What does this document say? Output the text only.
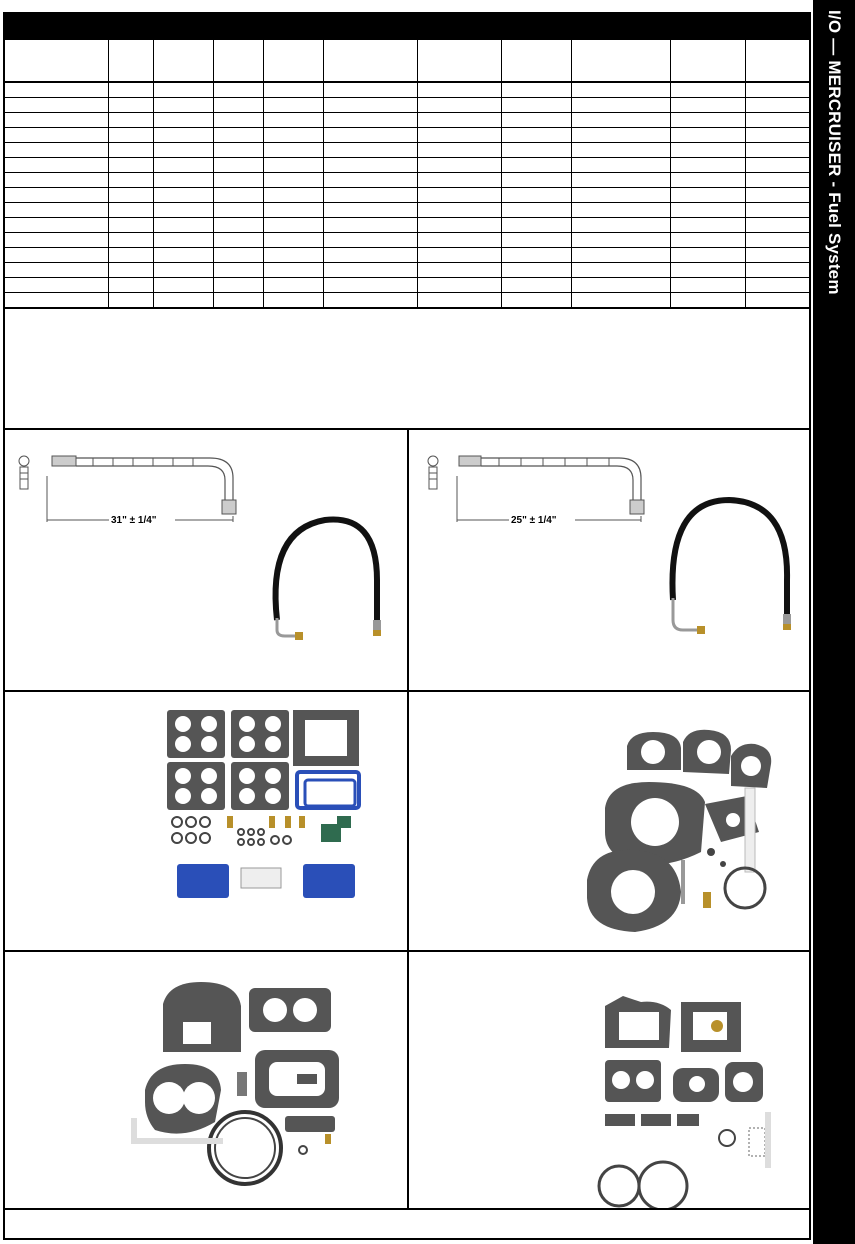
31" ± 1/4"	25" ± 1/4"
I/O — MERCRUISER - Fuel System
